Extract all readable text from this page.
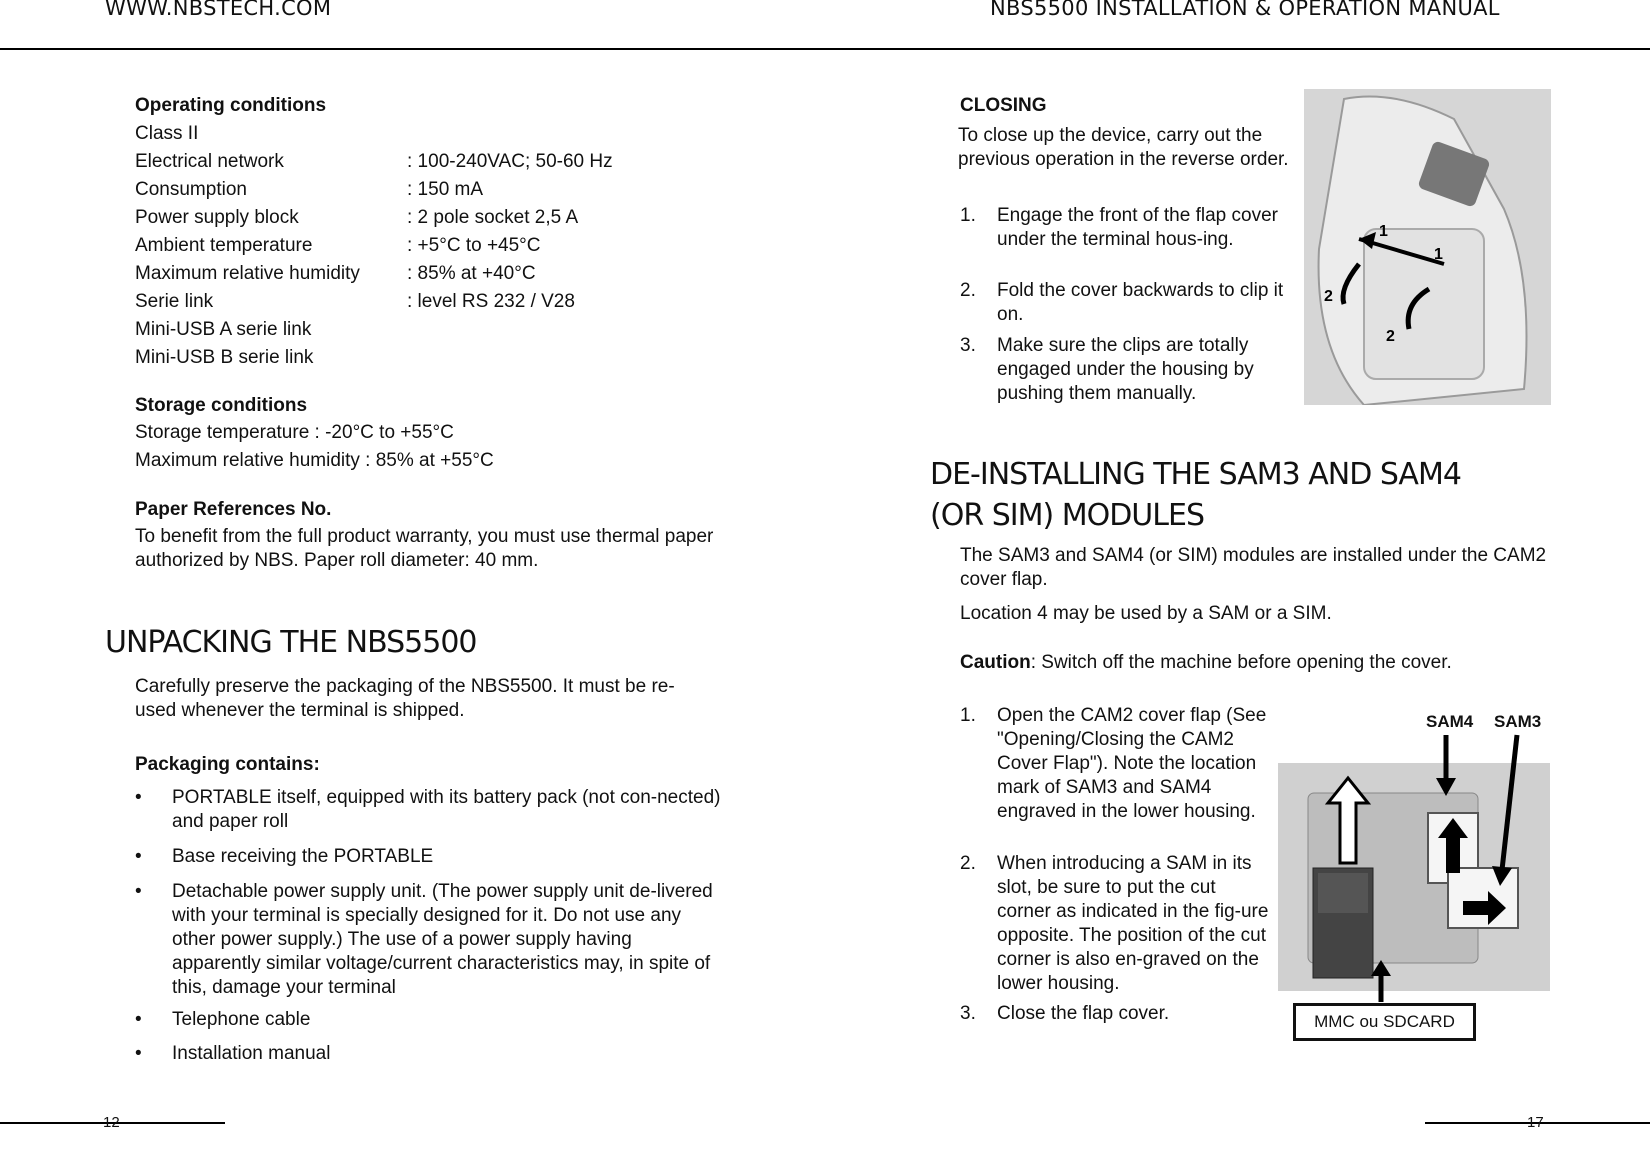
WWW.NBSTECH.COM	NBS5500 INSTALLATION & OPERATION MANUAL
Operating conditions
Class II
Electrical network	: 100-240VAC; 50-60 Hz
Consumption	: 150 mA
Power supply block	: 2 pole socket 2,5 A
Ambient temperature	: +5°C to +45°C
Maximum relative humidity : 85% at +40°C
Serie link	: level RS 232 / V28
Mini-USB A serie link
Mini-USB B serie link
Storage conditions
Storage temperature : -20°C to +55°C
Maximum relative humidity : 85% at +55°C
Paper References No.
To benefit from the full product warranty, you must use thermal paper authorized by NBS. Paper roll diameter: 40 mm.
UNPACKING THE NBS5500
Carefully preserve the packaging of the NBS5500. It must be re-used whenever the terminal is shipped.
Packaging contains:
• PORTABLE itself, equipped with its battery pack (not con-nected) and paper roll
• Base receiving the PORTABLE
• Detachable power supply unit. (The power supply unit de-livered with your terminal is specially designed for it. Do not use any other power supply.) The use of a power supply having apparently similar voltage/current characteristics may, in spite of this, damage your terminal
• Telephone cable
• Installation manual
12
CLOSING
To close up the device, carry out the previous operation in the reverse order.
1. Engage the front of the flap cover under the terminal hous-ing.
2. Fold the cover backwards to clip it on.
3. Make sure the clips are totally engaged under the housing by pushing them manually.
1
1
2
2
DE-INSTALLING THE SAM3 AND SAM4
(OR SIM) MODULES
The SAM3 and SAM4 (or SIM) modules are installed under the CAM2 cover flap.
Location 4 may be used by a SAM or a SIM.
Caution: Switch off the machine before opening the cover.
1. Open the CAM2 cover flap (See "Opening/Closing the CAM2 Cover Flap"). Note the location mark of SAM3 and SAM4 engraved in the lower housing.
2. When introducing a SAM in its slot, be sure to put the cut corner as indicated in the fig-ure opposite. The position of the cut corner is also en-graved on the lower housing.
3. Close the flap cover.
SAM4 SAM3
MMC ou SDCARD
17
